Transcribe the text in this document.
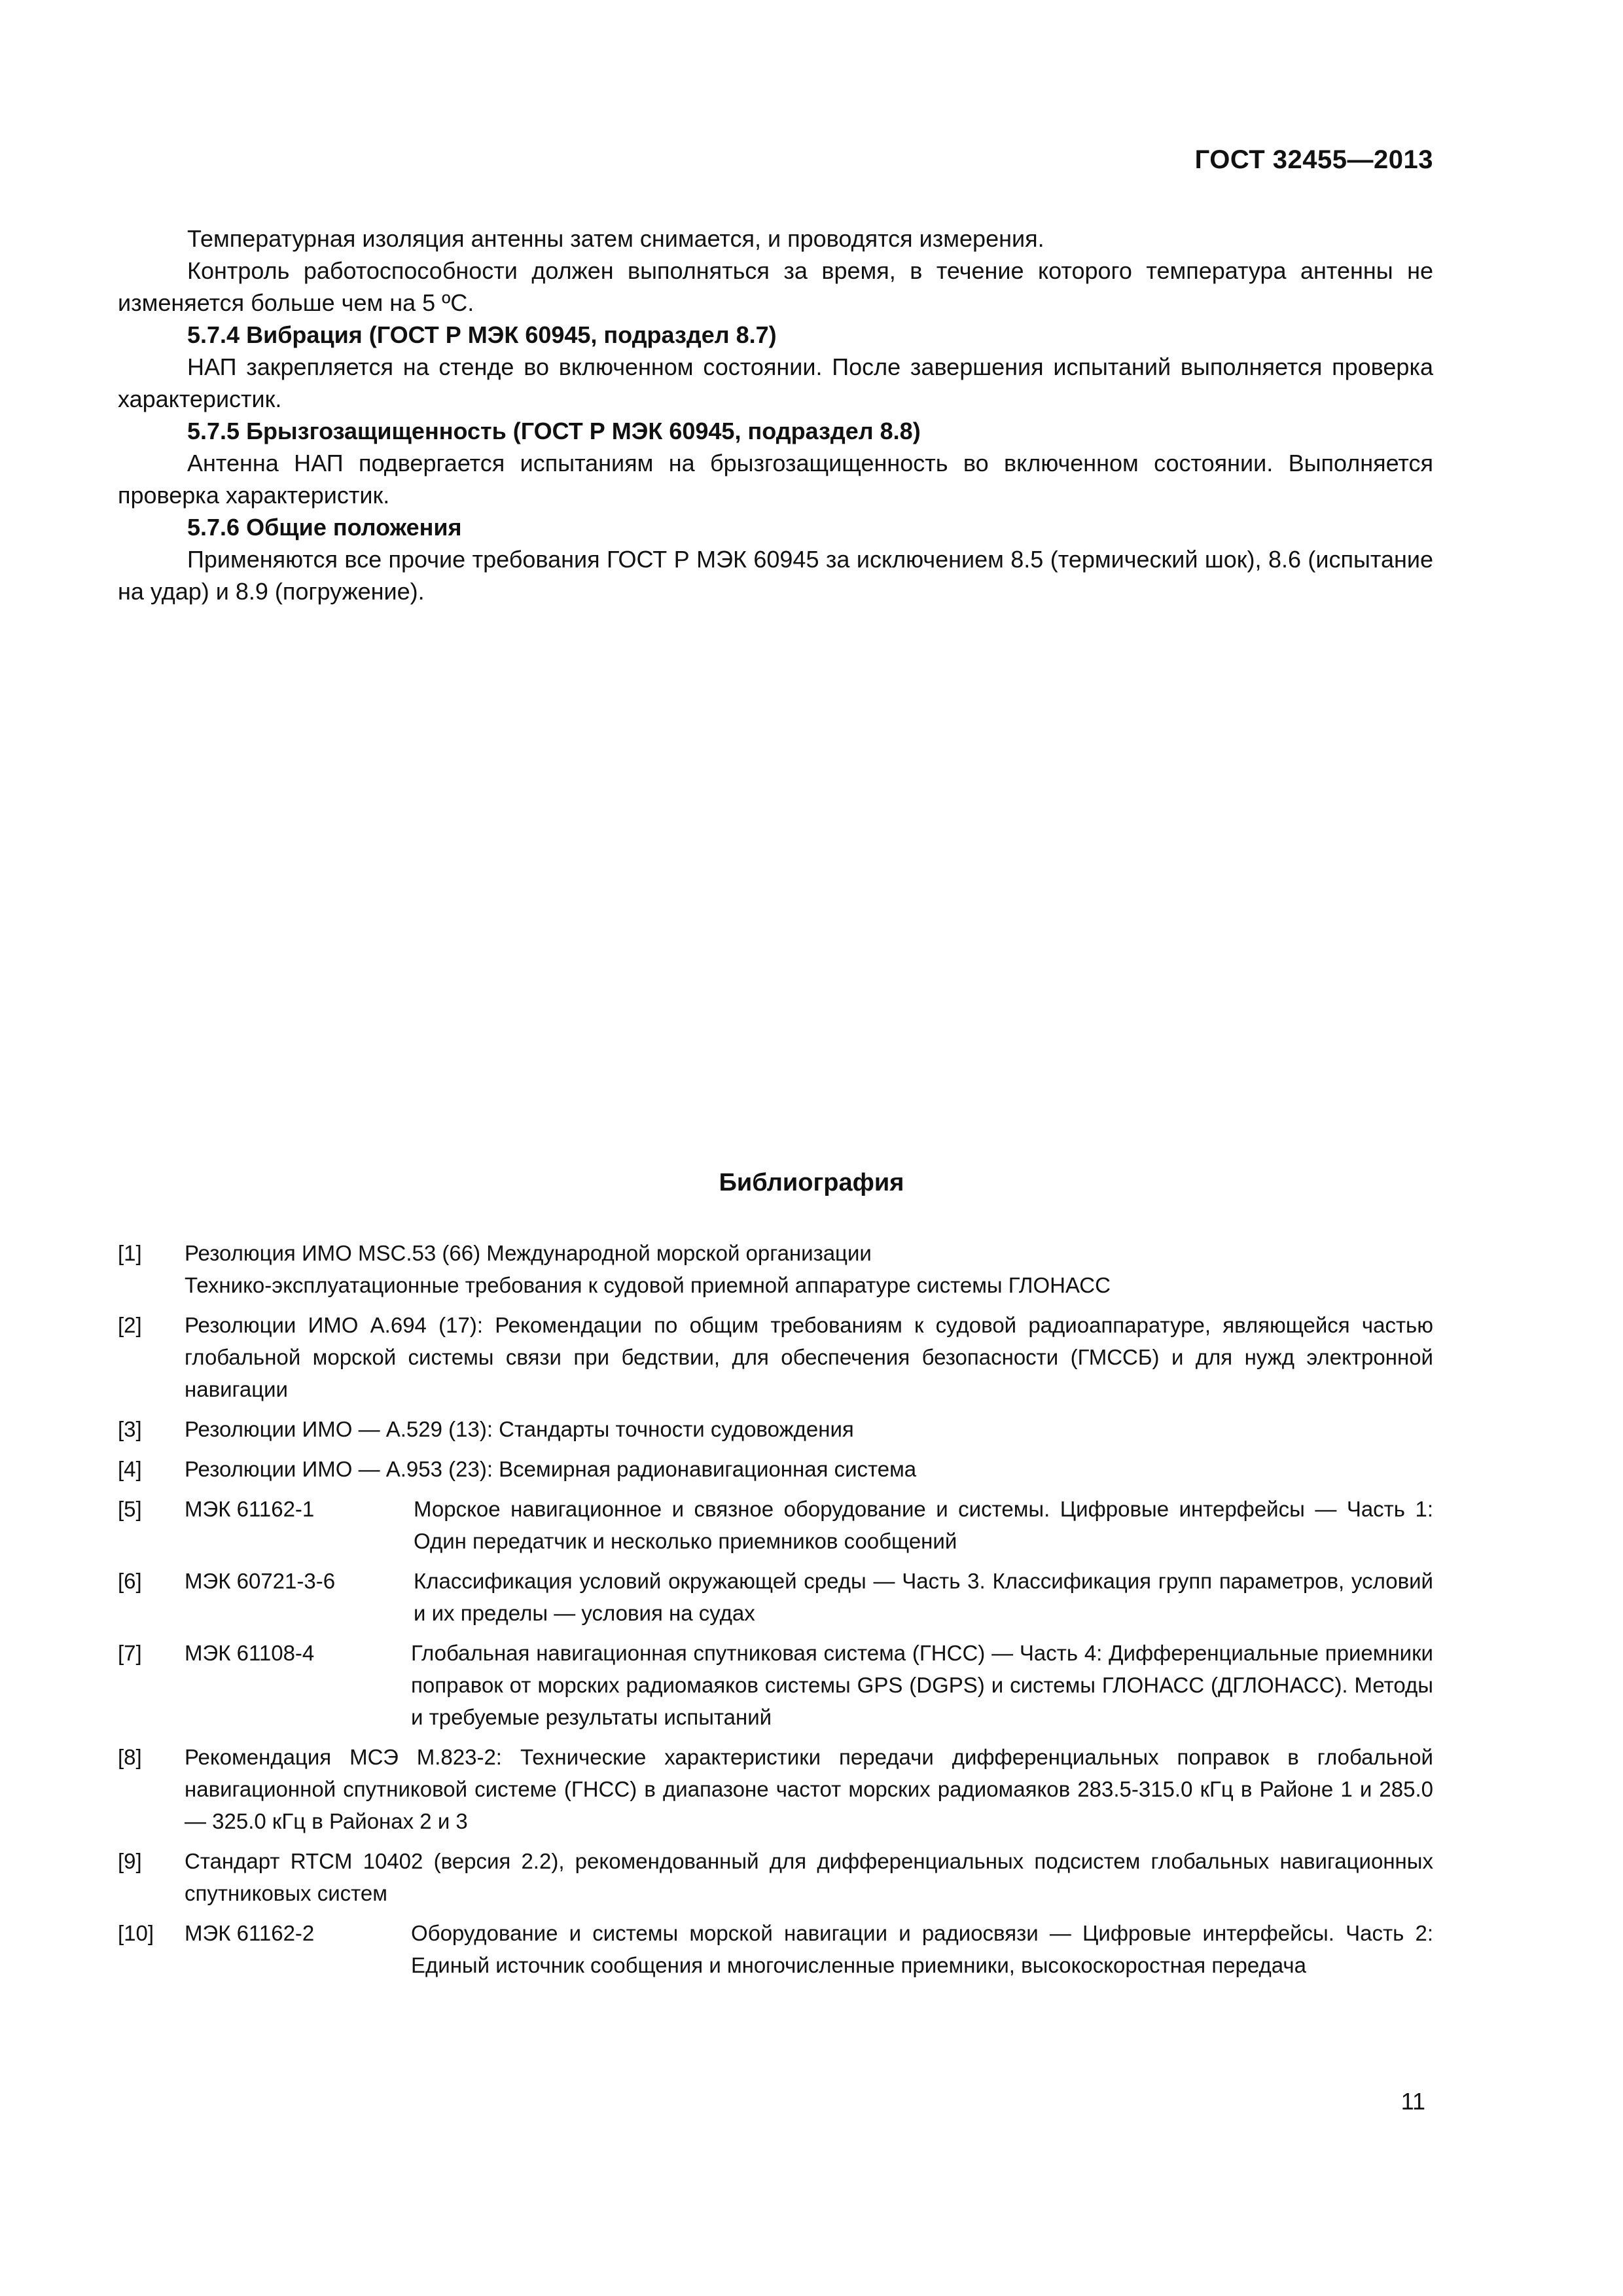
ГОСТ 32455—2013

Температурная изоляция антенны затем снимается, и проводятся измерения.

Контроль работоспособности должен выполняться за время, в течение которого температура антенны не изменяется больше чем на 5 ºС.

5.7.4 Вибрация (ГОСТ Р МЭК 60945, подраздел 8.7)

НАП закрепляется на стенде во включенном состоянии. После завершения испытаний выполняется проверка характеристик.

5.7.5 Брызгозащищенность (ГОСТ Р МЭК 60945, подраздел 8.8)

Антенна НАП подвергается испытаниям на брызгозащищенность во включенном состоянии. Выполняется проверка характеристик.

5.7.6 Общие положения

Применяются все прочие требования ГОСТ Р МЭК 60945 за исключением 8.5 (термический шок), 8.6 (испытание на удар) и 8.9 (погружение).

Библиография
[1]	Резолюция ИМО MSC.53 (66) Международной морской организации
Технико-эксплуатационные требования к судовой приемной аппаратуре системы ГЛОНАСС
[2]	Резолюции ИМО А.694 (17): Рекомендации по общим требованиям к судовой радиоаппаратуре, являющейся частью глобальной морской системы связи при бедствии, для обеспечения безопасности (ГМССБ) и для нужд электронной навигации
[3]	Резолюции ИМО — А.529 (13): Стандарты точности судовождения
[4]	Резолюции ИМО — А.953 (23): Всемирная радионавигационная система
[5]	МЭК 61162-1	Морское навигационное и связное оборудование и системы. Цифровые интерфейсы — Часть 1: Один передатчик и несколько приемников сообщений
[6]	МЭК 60721-3-6	Классификация условий окружающей среды — Часть 3. Классификация групп параметров, условий и их пределы — условия на судах
[7]	МЭК 61108-4	Глобальная навигационная спутниковая система (ГНСС) — Часть 4: Дифференциальные приемники поправок от морских радиомаяков системы GPS (DGPS) и системы ГЛОНАСС (ДГЛОНАСС). Методы и требуемые результаты испытаний
[8]	Рекомендация МСЭ М.823-2: Технические характеристики передачи дифференциальных поправок в глобальной навигационной спутниковой системе (ГНСС) в диапазоне частот морских радиомаяков 283.5-315.0 кГц в Районе 1 и 285.0 — 325.0 кГц в Районах 2 и 3
[9]	Стандарт RTCM 10402 (версия 2.2), рекомендованный для дифференциальных подсистем глобальных навигационных спутниковых систем
[10]	МЭК 61162-2	Оборудование и системы морской навигации и радиосвязи — Цифровые интерфейсы. Часть 2: Единый источник сообщения и многочисленные приемники, высокоскоростная передача
11
